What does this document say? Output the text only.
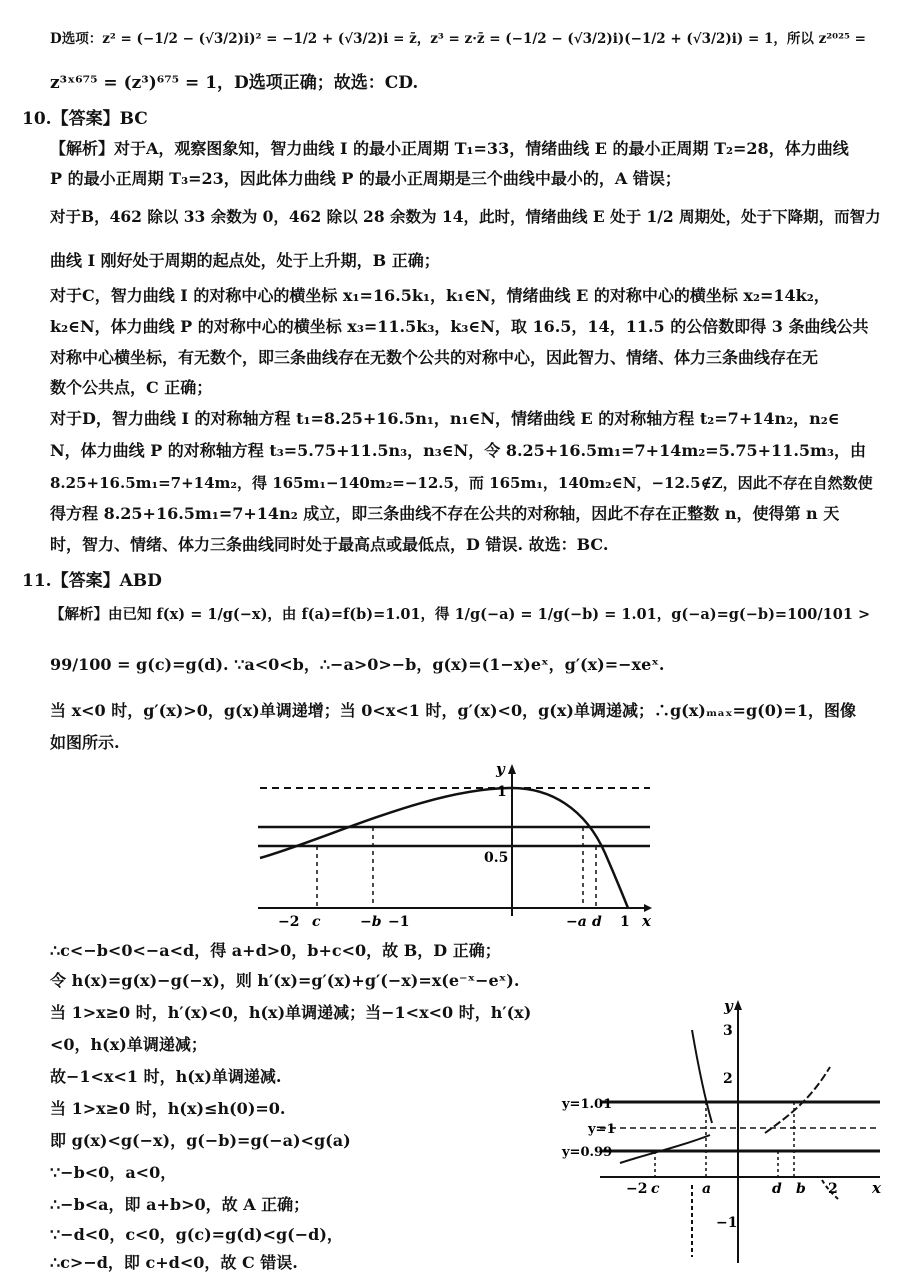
D选项：z² = (−1/2 − (√3/2)i)² = −1/2 + (√3/2)i = z̄，z³ = z·z̄ = (−1/2 − (√3/2)i)(−1/2 + (√3/2)i) = 1，所以 z²⁰²⁵ =
z³ˣ⁶⁷⁵ = (z³)⁶⁷⁵ = 1，D选项正确；故选：CD.
10.【答案】BC
【解析】对于A，观察图象知，智力曲线 I 的最小正周期 T₁=33，情绪曲线 E 的最小正周期 T₂=28，体力曲线
P 的最小正周期 T₃=23，因此体力曲线 P 的最小正周期是三个曲线中最小的，A 错误；
对于B，462 除以 33 余数为 0，462 除以 28 余数为 14，此时，情绪曲线 E 处于 1/2 周期处，处于下降期，而智力
曲线 I 刚好处于周期的起点处，处于上升期，B 正确；
对于C，智力曲线 I 的对称中心的横坐标 x₁=16.5k₁，k₁∈N，情绪曲线 E 的对称中心的横坐标 x₂=14k₂，
k₂∈N，体力曲线 P 的对称中心的横坐标 x₃=11.5k₃，k₃∈N，取 16.5，14，11.5 的公倍数即得 3 条曲线公共
对称中心横坐标，有无数个，即三条曲线存在无数个公共的对称中心，因此智力、情绪、体力三条曲线存在无
数个公共点，C 正确；
对于D，智力曲线 I 的对称轴方程 t₁=8.25+16.5n₁，n₁∈N，情绪曲线 E 的对称轴方程 t₂=7+14n₂，n₂∈
N，体力曲线 P 的对称轴方程 t₃=5.75+11.5n₃，n₃∈N，令 8.25+16.5m₁=7+14m₂=5.75+11.5m₃，由
8.25+16.5m₁=7+14m₂，得 165m₁−140m₂=−12.5，而 165m₁，140m₂∈N，−12.5∉Z，因此不存在自然数使
得方程 8.25+16.5m₁=7+14n₂ 成立，即三条曲线不存在公共的对称轴，因此不存在正整数 n，使得第 n 天
时，智力、情绪、体力三条曲线同时处于最高点或最低点，D 错误. 故选：BC.
11.【答案】ABD
【解析】由已知 f(x) = 1/g(−x)，由 f(a)=f(b)=1.01，得 1/g(−a) = 1/g(−b) = 1.01，g(−a)=g(−b)=100/101 >
99/100 = g(c)=g(d). ∵a<0<b，∴−a>0>−b，g(x)=(1−x)eˣ，g′(x)=−xeˣ.
当 x<0 时，g′(x)>0，g(x)单调递增；当 0<x<1 时，g′(x)<0，g(x)单调递减；∴g(x)ₘₐₓ=g(0)=1，图像
如图所示.
y
1
0.5
x
−2 c	−b −1	−a d 1
∴c<−b<0<−a<d，得 a+d>0，b+c<0，故 B，D 正确；
令 h(x)=g(x)−g(−x)，则 h′(x)=g′(x)+g′(−x)=x(e⁻ˣ−eˣ).
当 1>x≥0 时，h′(x)<0，h(x)单调递减；当−1<x<0 时，h′(x)
<0，h(x)单调递减；
故−1<x<1 时，h(x)单调递减.
当 1>x≥0 时，h(x)≤h(0)=0.
即 g(x)<g(−x)，g(−b)=g(−a)<g(a)
∵−b<0，a<0，
∴−b<a，即 a+b>0，故 A 正确；
∵−d<0，c<0，g(c)=g(d)<g(−d)，
∴c>−d，即 c+d<0，故 C 错误.
y
3
2
−1
y=1.01
y=1
y=0.99
x
−2 c	a	d b 2
